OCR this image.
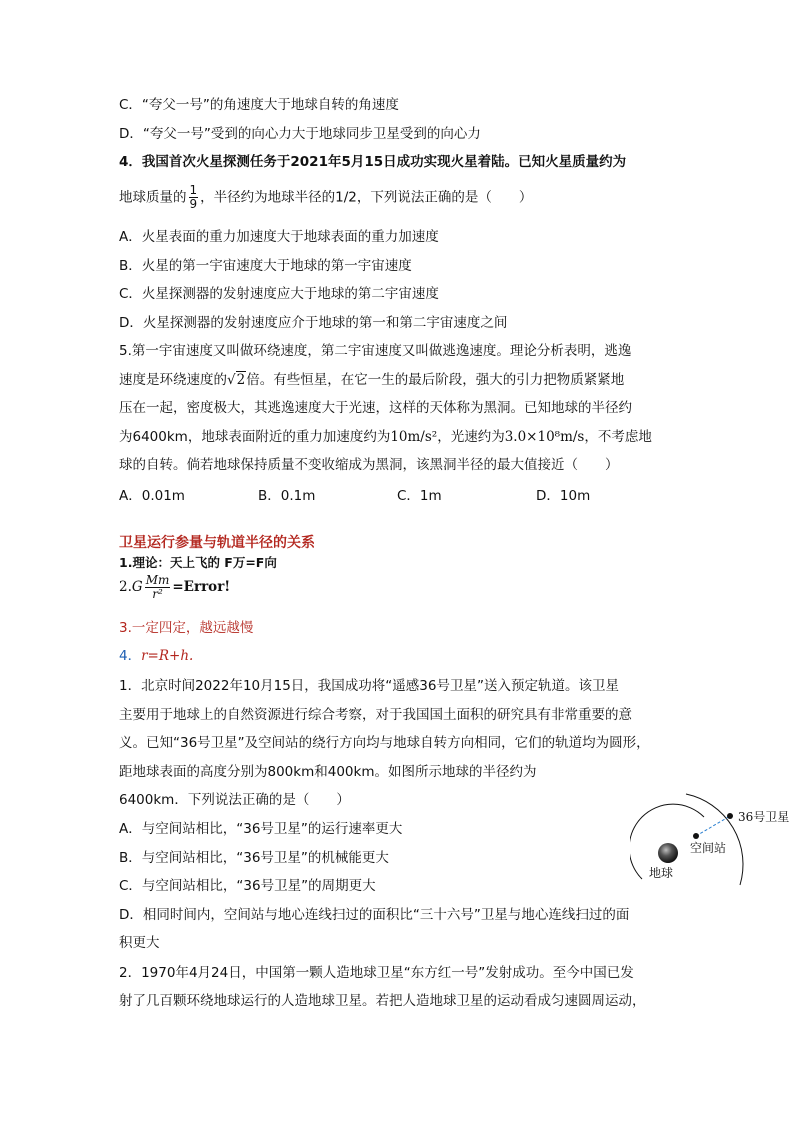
C．“夸父一号”的角速度大于地球自转的角速度
D．“夸父一号”受到的向心力大于地球同步卫星受到的向心力
4．我国首次火星探测任务于2021年5月15日成功实现火星着陆。已知火星质量约为
地球质量的 $\frac{1}{9}$ ，半径约为地球半径的1/2，下列说法正确的是（　　）
A．火星表面的重力加速度大于地球表面的重力加速度
B．火星的第一宇宙速度大于地球的第一宇宙速度
C．火星探测器的发射速度应大于地球的第二宇宙速度
D．火星探测器的发射速度应介于地球的第一和第二宇宙速度之间
5.第一宇宙速度又叫做环绕速度，第二宇宙速度又叫做逃逸速度。理论分析表明，逃逸
速度是环绕速度的√2倍。有些恒星，在它一生的最后阶段，强大的引力把物质紧紧地
压在一起，密度极大，其逃逸速度大于光速，这样的天体称为黑洞。已知地球的半径约
为6400km，地球表面附近的重力加速度约为10m/s²，光速约为3.0×10⁸m/s，不考虑地
球的自转。倘若地球保持质量不变收缩成为黑洞，该黑洞半径的最大值接近（　　）
A．0.01m	B．0.1m	C．1m	D．10m
卫星运行参量与轨道半径的关系
1.理论：天上飞的 F万=F向
$2.G \frac{Mm}{\text{r²}}$ =Error!
3.一定四定，越远越慢
4．r=R+h.
1．北京时间2022年10月15日，我国成功将“遥感36号卫星”送入预定轨道。该卫星
主要用于地球上的自然资源进行综合考察，对于我国国土面积的研究具有非常重要的意
义。已知“36号卫星”及空间站的绕行方向均与地球自转方向相同，它们的轨道均为圆形，
距地球表面的高度分别为800km和400km。如图所示地球的半径约为
6400km．下列说法正确的是（　　）
A．与空间站相比，“36号卫星”的运行速率更大
B．与空间站相比，“36号卫星”的机械能更大
C．与空间站相比，“36号卫星”的周期更大
D．相同时间内，空间站与地心连线扫过的面积比“三十六号”卫星与地心连线扫过的面
积更大
36号卫星
空间站
地球
2．1970年4月24日，中国第一颗人造地球卫星“东方红一号”发射成功。至今中国已发
射了几百颗环绕地球运行的人造地球卫星。若把人造地球卫星的运动看成匀速圆周运动，
